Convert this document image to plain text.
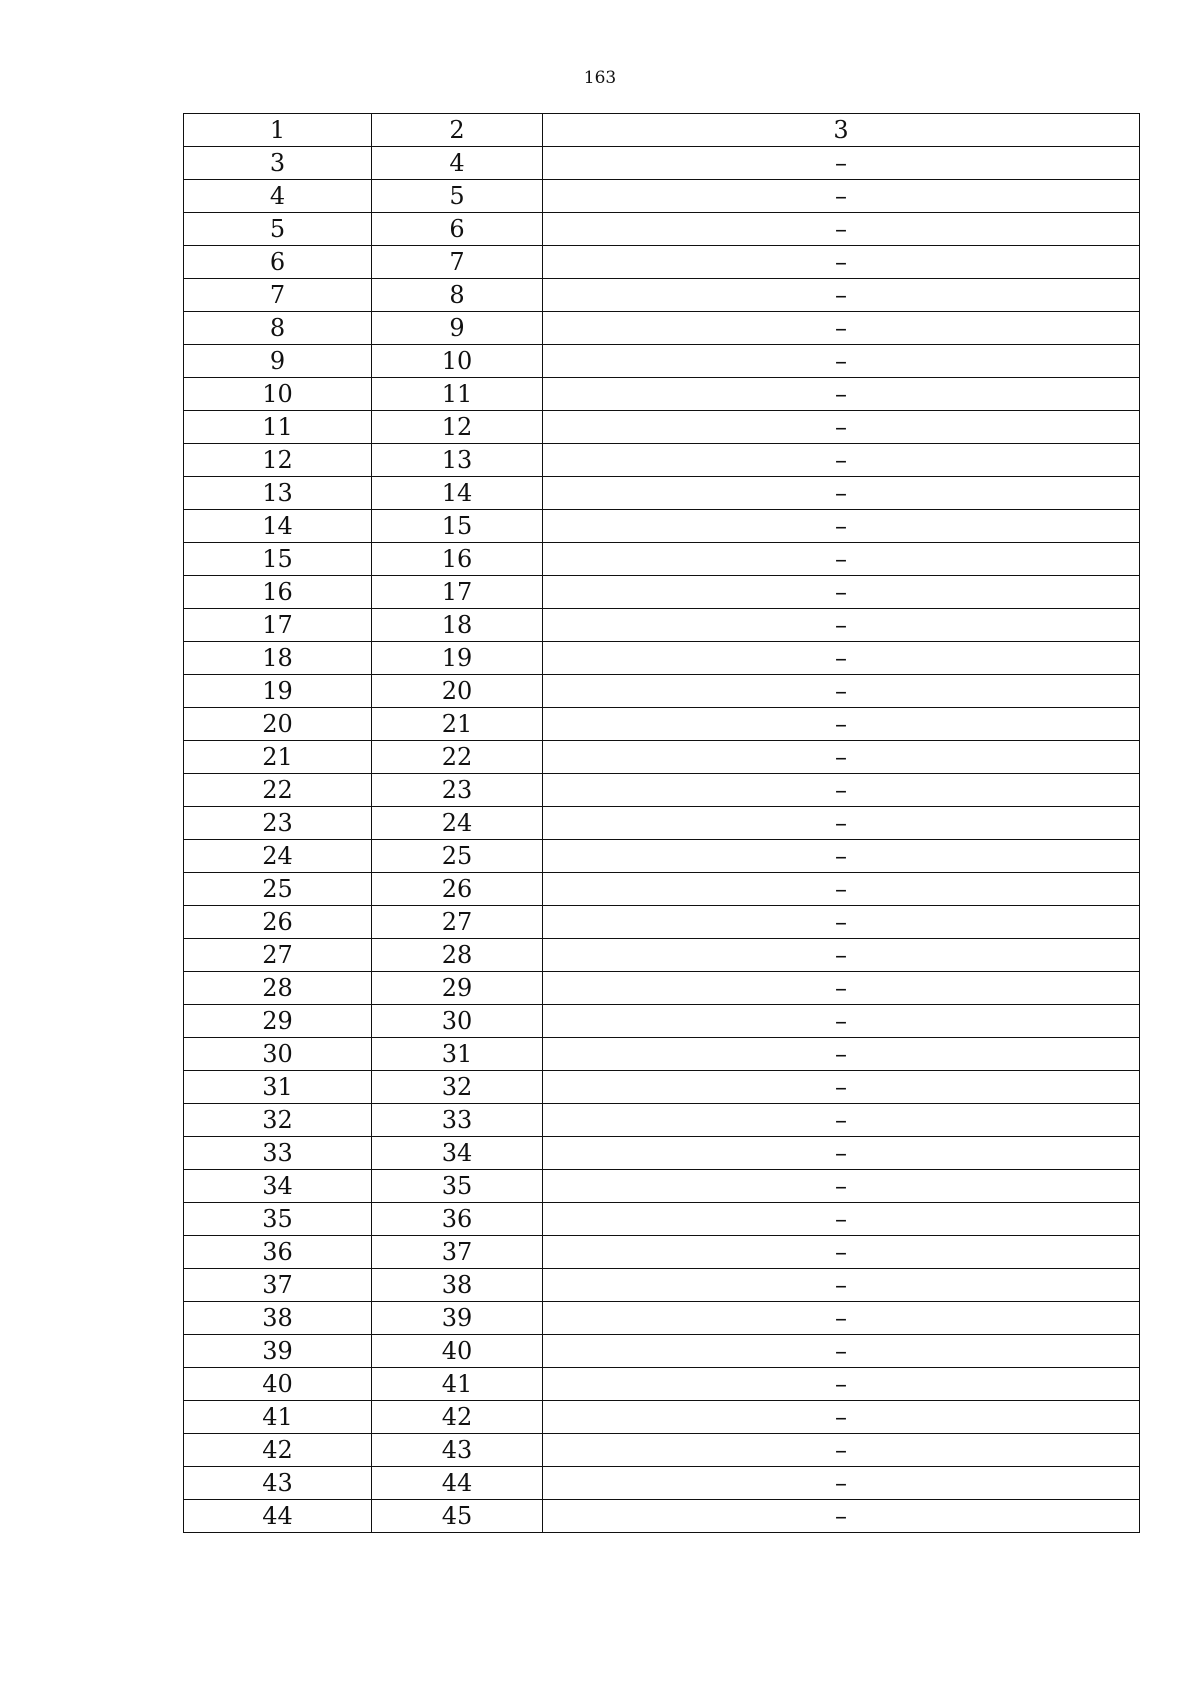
163
1	2	3
3	4	–
4	5	–
5	6	–
6	7	–
7	8	–
8	9	–
9	10	–
10	11	–
11	12	–
12	13	–
13	14	–
14	15	–
15	16	–
16	17	–
17	18	–
18	19	–
19	20	–
20	21	–
21	22	–
22	23	–
23	24	–
24	25	–
25	26	–
26	27	–
27	28	–
28	29	–
29	30	–
30	31	–
31	32	–
32	33	–
33	34	–
34	35	–
35	36	–
36	37	–
37	38	–
38	39	–
39	40	–
40	41	–
41	42	–
42	43	–
43	44	–
44	45	–
